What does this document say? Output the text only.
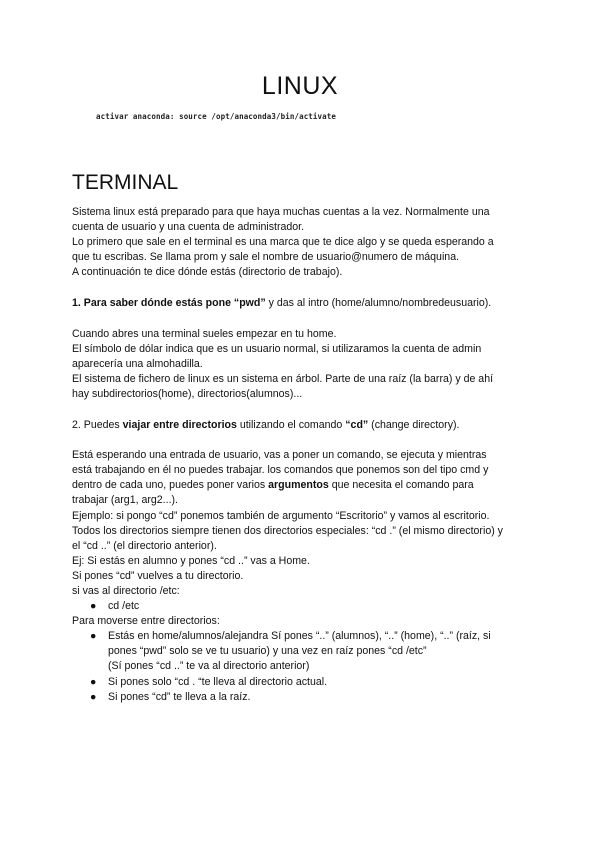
LINUX
activar anaconda: source /opt/anaconda3/bin/activate
TERMINAL

Sistema linux está preparado para que haya muchas cuentas a la vez. Normalmente una

cuenta de usuario y una cuenta de administrador.

Lo primero que sale en el terminal es una marca que te dice algo y se queda esperando a

que tu escribas. Se llama prom y sale el nombre de usuario@numero de máquina.

A continuación te dice dónde estás (directorio de trabajo).

1. Para saber dónde estás pone “pwd” y das al intro (home/alumno/nombredeusuario).

Cuando abres una terminal sueles empezar en tu home.

El símbolo de dólar indica que es un usuario normal, si utilizaramos la cuenta de admin

aparecería una almohadilla.

El sistema de fichero de linux es un sistema en árbol. Parte de una raíz (la barra) y de ahí

hay subdirectorios(home), directorios(alumnos)...

2. Puedes viajar entre directorios utilizando el comando “cd” (change directory).

Está esperando una entrada de usuario, vas a poner un comando, se ejecuta y mientras

está trabajando en él no puedes trabajar. los comandos que ponemos son del tipo cmd y

dentro de cada uno, puedes poner varios argumentos que necesita el comando para

trabajar (arg1, arg2...).

Ejemplo: si pongo “cd” ponemos también de argumento “Escritorio” y vamos al escritorio.

Todos los directorios siempre tienen dos directorios especiales: “cd .” (el mismo directorio) y

el “cd ..” (el directorio anterior).

Ej: Si estás en alumno y pones “cd ..” vas a Home.

Si pones “cd” vuelves a tu directorio.

si vas al directorio /etc:

● cd /etc

Para moverse entre directorios:

● Estás en home/alumnos/alejandra Sí pones “..” (alumnos), “..” (home), “..” (raíz, si
pones “pwd” solo se ve tu usuario) y una vez en raíz pones “cd /etc”
(Sí pones “cd ..” te va al directorio anterior)
● Si pones solo “cd . “te lleva al directorio actual.
● Si pones “cd” te lleva a la raíz.
